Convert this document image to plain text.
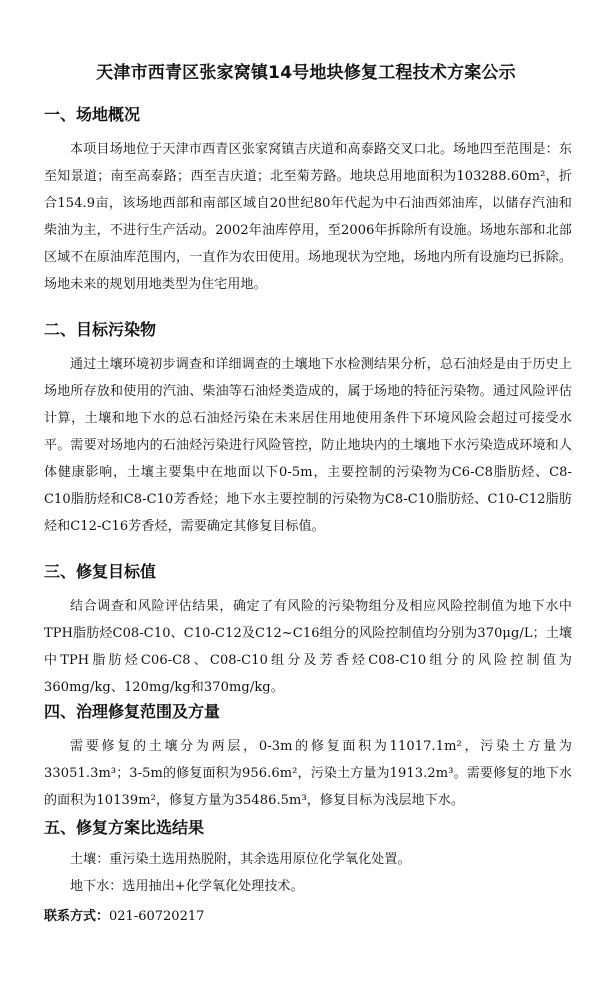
天津市西青区张家窝镇14号地块修复工程技术方案公示
一、场地概况

本项目场地位于天津市西青区张家窝镇吉庆道和高泰路交叉口北。场地四至范围是：东至知景道；南至高泰路；西至吉庆道；北至菊芳路。地块总用地面积为103288.60m²，折合154.9亩，该场地西部和南部区域自20世纪80年代起为中石油西郊油库，以储存汽油和柴油为主，不进行生产活动。2002年油库停用，至2006年拆除所有设施。场地东部和北部区域不在原油库范围内，一直作为农田使用。场地现状为空地，场地内所有设施均已拆除。场地未来的规划用地类型为住宅用地。

二、目标污染物

通过土壤环境初步调查和详细调查的土壤地下水检测结果分析，总石油烃是由于历史上场地所存放和使用的汽油、柴油等石油烃类造成的，属于场地的特征污染物。通过风险评估计算，土壤和地下水的总石油烃污染在未来居住用地使用条件下环境风险会超过可接受水平。需要对场地内的石油烃污染进行风险管控，防止地块内的土壤地下水污染造成环境和人体健康影响，土壤主要集中在地面以下0-5m，主要控制的污染物为C6-C8脂肪烃、C8-C10脂肪烃和C8-C10芳香烃；地下水主要控制的污染物为C8-C10脂肪烃、C10-C12脂肪烃和C12-C16芳香烃，需要确定其修复目标值。

三、修复目标值

结合调查和风险评估结果，确定了有风险的污染物组分及相应风险控制值为地下水中TPH脂肪烃C08-C10、C10-C12及C12~C16组分的风险控制值均分别为370μg/L；土壤中TPH脂肪烃C06-C8、C08-C10组分及芳香烃C08-C10组分的风险控制值为360mg/kg、120mg/kg和370mg/kg。

四、治理修复范围及方量

需要修复的土壤分为两层，0-3m的修复面积为11017.1m²，污染土方量为33051.3m³；3-5m的修复面积为956.6m²，污染土方量为1913.2m³。需要修复的地下水的面积为10139m²，修复方量为35486.5m³，修复目标为浅层地下水。

五、修复方案比选结果

土壤：重污染土选用热脱附，其余选用原位化学氧化处置。

地下水：选用抽出+化学氧化处理技术。

联系方式：021-60720217
